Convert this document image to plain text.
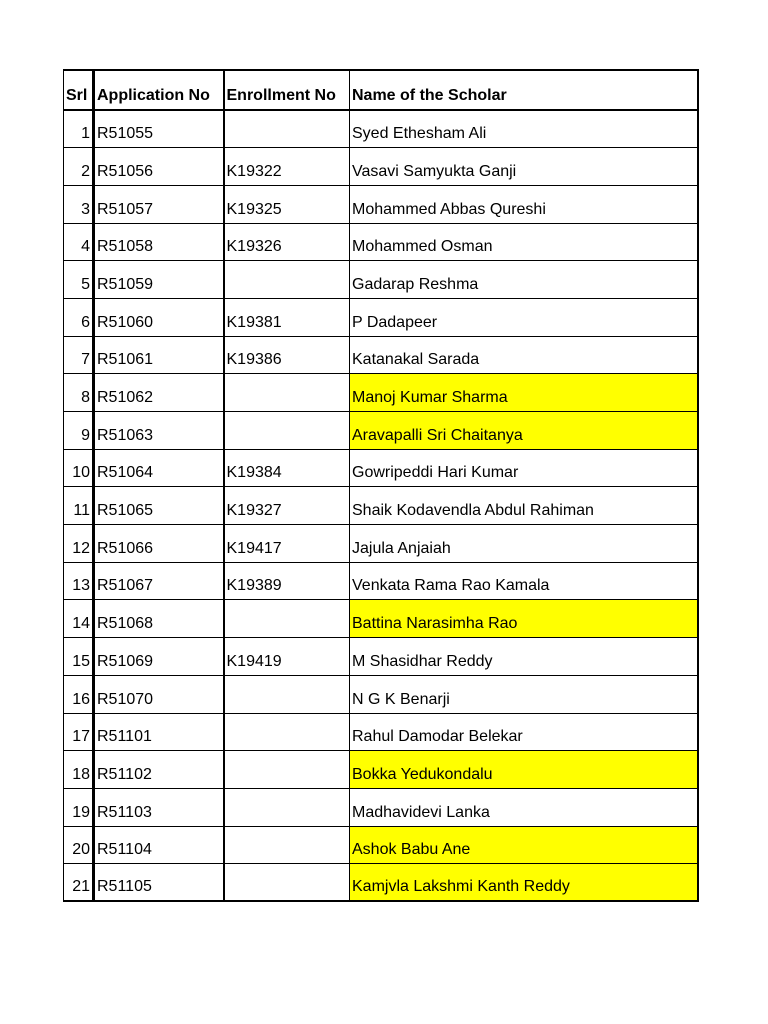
Srl	Application No	Enrollment No	Name of the Scholar
1	R51055		Syed Ethesham Ali
2	R51056	K19322	Vasavi Samyukta Ganji
3	R51057	K19325	Mohammed Abbas Qureshi
4	R51058	K19326	Mohammed Osman
5	R51059		Gadarap Reshma
6	R51060	K19381	P Dadapeer
7	R51061	K19386	Katanakal Sarada
8	R51062		Manoj Kumar Sharma
9	R51063		Aravapalli Sri Chaitanya
10	R51064	K19384	Gowripeddi Hari Kumar
11	R51065	K19327	Shaik Kodavendla Abdul Rahiman
12	R51066	K19417	Jajula Anjaiah
13	R51067	K19389	Venkata Rama Rao Kamala
14	R51068		Battina Narasimha Rao
15	R51069	K19419	M Shasidhar Reddy
16	R51070		N G K Benarji
17	R51101		Rahul Damodar Belekar
18	R51102		Bokka Yedukondalu
19	R51103		Madhavidevi Lanka
20	R51104		Ashok Babu Ane
21	R51105		Kamjvla Lakshmi Kanth Reddy
